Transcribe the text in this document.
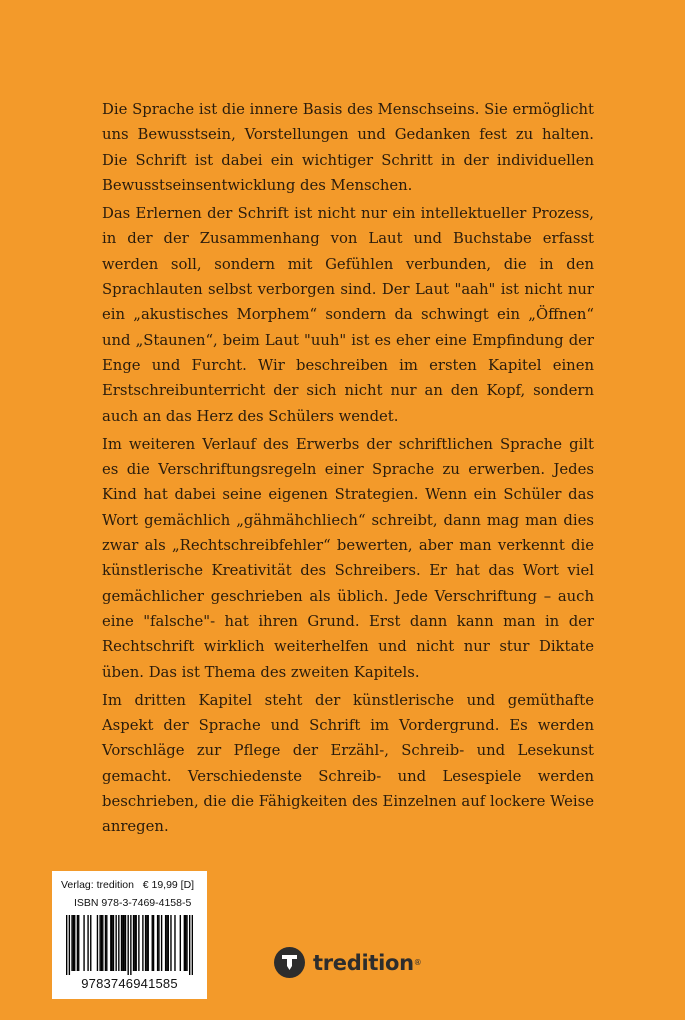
Die Sprache ist die innere Basis des Menschseins. Sie ermöglicht uns Bewusstsein, Vorstellungen und Gedanken fest zu halten. Die Schrift ist dabei ein wichtiger Schritt in der individuellen Bewusstseinsentwicklung des Menschen.

Das Erlernen der Schrift ist nicht nur ein intellektueller Prozess, in der der Zusammenhang von Laut und Buchstabe erfasst werden soll, sondern mit Gefühlen verbunden, die in den Sprachlauten selbst verborgen sind. Der Laut "aah" ist nicht nur ein „akustisches Morphem“ sondern da schwingt ein „Öffnen“ und „Staunen“, beim Laut "uuh" ist es eher eine Empfindung der Enge und Furcht. Wir beschreiben im ersten Kapitel einen Erstschreibunterricht der sich nicht nur an den Kopf, sondern auch an das Herz des Schülers wendet.

Im weiteren Verlauf des Erwerbs der schriftlichen Sprache gilt es die Verschriftungsregeln einer Sprache zu erwerben. Jedes Kind hat dabei seine eigenen Strategien. Wenn ein Schüler das Wort gemächlich „gähmähchliech“ schreibt, dann mag man dies zwar als „Rechtschreibfehler“ bewerten, aber man verkennt die künstlerische Kreativität des Schreibers. Er hat das Wort viel gemächlicher geschrieben als üblich. Jede Verschriftung – auch eine "falsche"- hat ihren Grund. Erst dann kann man in der Rechtschrift wirklich weiterhelfen und nicht nur stur Diktate üben. Das ist Thema des zweiten Kapitels.

Im dritten Kapitel steht der künstlerische und gemüthafte Aspekt der Sprache und Schrift im Vordergrund. Es werden Vorschläge zur Pflege der Erzähl-, Schreib- und Lesekunst gemacht. Verschiedenste Schreib- und Lesespiele werden beschrieben, die die Fähigkeiten des Einzelnen auf lockere Weise anregen.

Verlag: tredition € 19,99 [D]
ISBN 978-3-7469-4158-5
9783746941585
tredition ®
